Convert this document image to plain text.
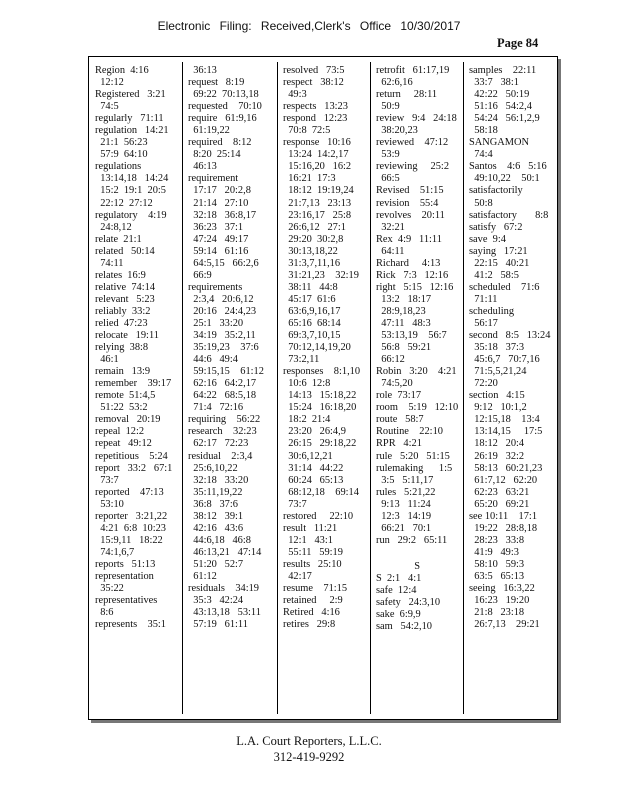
Electronic Filing: Received,Clerk's Office 10/30/2017
Page 84
Region  4:16
12:12
Registered   3:21
74:5
regularly   71:11
regulation   14:21
21:1  56:23
57:9  64:10
regulations
13:14,18   14:24
15:2  19:1  20:5
22:12  27:12
regulatory    4:19
24:8,12
relate  21:1
related   50:14
74:11
relates  16:9
relative  74:14
relevant   5:23
reliably  33:2
relied  47:23
relocate   19:11
relying  38:8
46:1
remain   13:9
remember    39:17
remote  51:4,5
51:22  53:2
removal   20:19
repeal  12:2
repeat   49:12
repetitious    5:24
report   33:2   67:1
73:7
reported    47:13
53:10
reporter   3:21,22
4:21  6:8  10:23
15:9,11   18:22
74:1,6,7
reports   51:13
representation
35:22
representatives
8:6
represents    35:1
36:13
request   8:19
69:22  70:13,18
requested    70:10
require   61:9,16
61:19,22
required    8:12
8:20  25:14
46:13
requirement
17:17   20:2,8
21:14   27:10
32:18   36:8,17
36:23   37:1
47:24   49:17
59:14   61:16
64:5,15   66:2,6
66:9
requirements
2:3,4   20:6,12
20:16   24:4,23
25:1   33:20
34:19   35:2,11
35:19,23    37:6
44:6   49:4
59:15,15    61:12
62:16   64:2,17
64:22   68:5,18
71:4   72:16
requiring    56:22
research    32:23
62:17   72:23
residual    2:3,4
25:6,10,22
32:18   33:20
35:11,19,22
36:8   37:6
38:12   39:1
42:16   43:6
44:6,18   46:8
46:13,21   47:14
51:20   52:7
61:12
residuals    34:19
35:3   42:24
43:13,18   53:11
57:19   61:11
resolved   73:5
respect   38:12
49:3
respects   13:23
respond   12:23
70:8  72:5
response   10:16
13:24  14:2,17
15:16,20   16:2
16:21  17:3
18:12  19:19,24
21:7,13   23:13
23:16,17   25:8
26:6,12   27:1
29:20  30:2,8
30:13,18,22
31:3,7,11,16
31:21,23    32:19
38:11   44:8
45:17  61:6
63:6,9,16,17
65:16  68:14
69:3,7,10,15
70:12,14,19,20
73:2,11
responses    8:1,10
10:6  12:8
14:13   15:18,22
15:24   16:18,20
18:2  21:4
23:20   26:4,9
26:15   29:18,22
30:6,12,21
31:14   44:22
60:24   65:13
68:12,18    69:14
73:7
restored     22:10
result   11:21
12:1   43:1
55:11   59:19
results   25:10
42:17
resume    71:15
retained     2:9
Retired   4:16
retires   29:8
retrofit   61:17,19
62:6,16
return     28:11
50:9
review   9:4   24:18
38:20,23
reviewed    47:12
53:9
reviewing     25:2
66:5
Revised    51:15
revision    55:4
revolves    20:11
32:21
Rex  4:9   11:11
64:11
Richard     4:13
Rick   7:3   12:16
right   5:15   12:16
13:2   18:17
28:9,18,23
47:11   48:3
53:13,19    56:7
56:8   59:21
66:12
Robin   3:20    4:21
74:5,20
role  73:17
room    5:19   12:10
route   58:7
Routine    22:10
RPR   4:21
rule   5:20   51:15
rulemaking      1:5
3:5   5:11,17
rules   5:21,22
9:13   11:24
12:3   14:19
66:21   70:1
run   29:2   65:11

S
S  2:1   4:1
safe  12:4
safety   24:3,10
sake  6:9,9
sam   54:2,10
samples    22:11
33:7   38:1
42:22   50:19
51:16   54:2,4
54:24   56:1,2,9
58:18
SANGAMON
74:4
Santos    4:6   5:16
49:10,22    50:1
satisfactorily
50:8
satisfactory       8:8
satisfy   67:2
save  9:4
saying   17:21
22:15   40:21
41:2   58:5
scheduled    71:6
71:11
scheduling
56:17
second   8:5   13:24
35:18   37:3
45:6,7   70:7,16
71:5,5,21,24
72:20
section   4:15
9:12   10:1,2
12:15,18    13:4
13:14,15     17:5
18:12   20:4
26:19   32:2
58:13   60:21,23
61:7,12   62:20
62:23   63:21
65:20   69:21
see 10:11    17:1
19:22   28:8,18
28:23   33:8
41:9   49:3
58:10   59:3
63:5   65:13
seeing   16:3,22
16:23   19:20
21:8   23:18
26:7,13    29:21
L.A. Court Reporters, L.L.C.
312-419-9292
